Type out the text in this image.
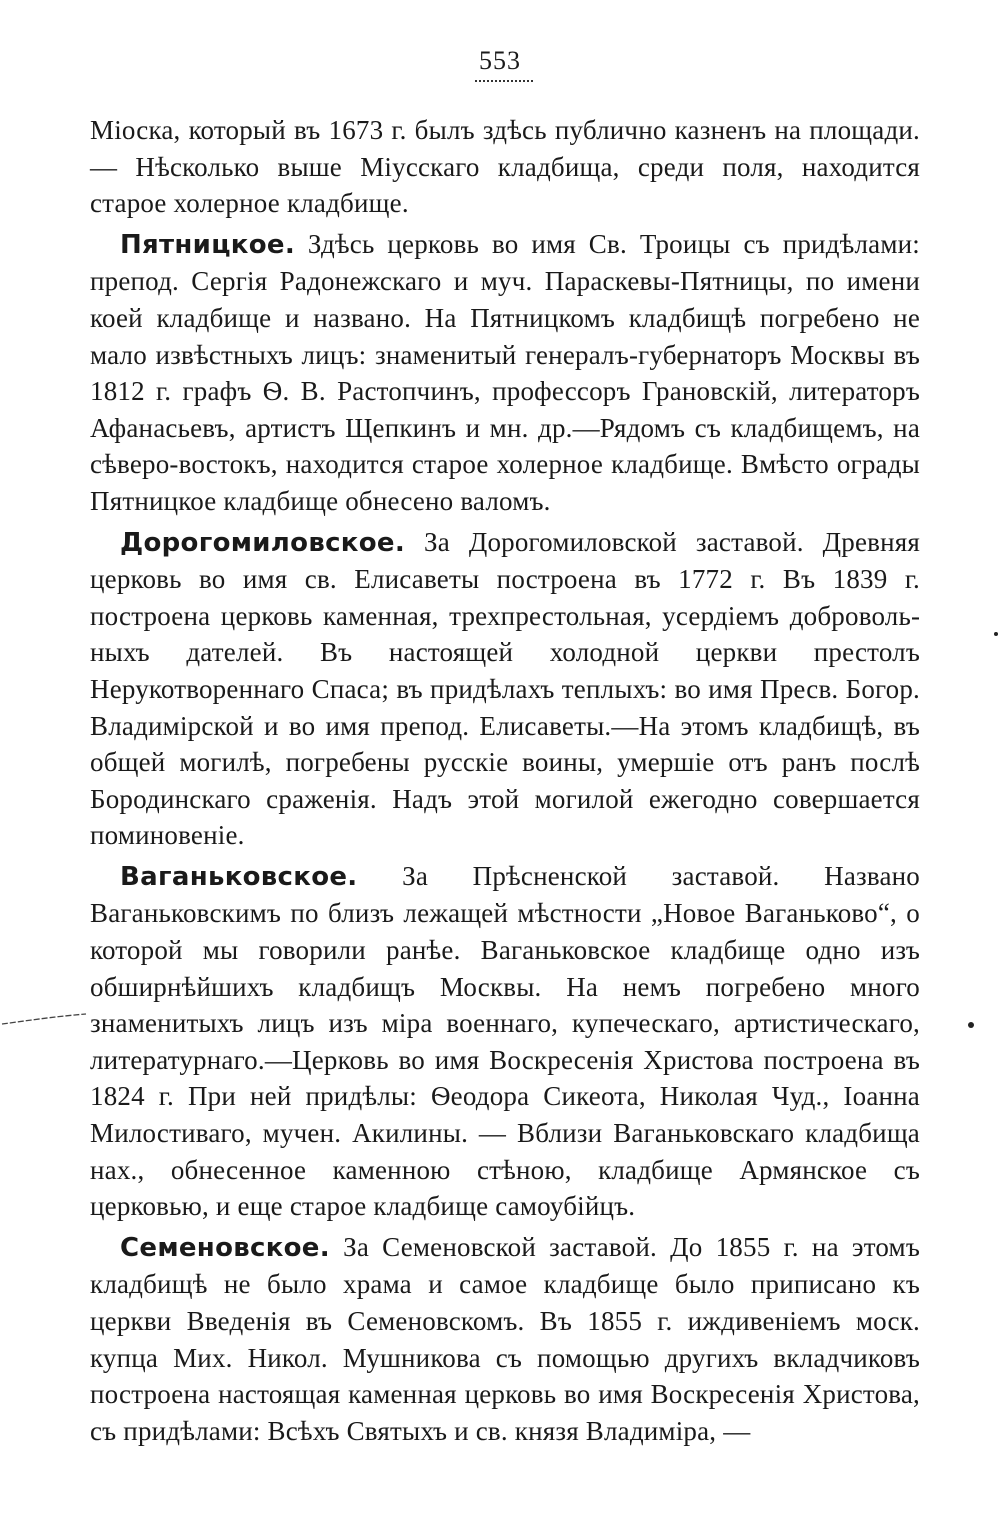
553

Міоска, который въ 1673 г. былъ здѣсь публично казненъ на площади. — Нѣсколько выше Міусскаго кладбища, среди поля, находится старое холерное кладбище.

Пятницкое. Здѣсь церковь во имя Св. Троицы съ придѣлами: препод. Сергія Радонежскаго и муч. Параскевы-Пятницы, по имени коей кладбище и названо. На Пятницкомъ кладбищѣ погребено не мало извѣстныхъ лицъ: знаменитый генералъ-губернаторъ Москвы въ 1812 г. графъ Ѳ. В. Растопчинъ, профессоръ Грановскій, литераторъ Афанасьевъ, артистъ Щепкинъ и мн. др.—Рядомъ съ кладбищемъ, на сѣверо-востокъ, находится старое холерное кладбище. Вмѣсто ограды Пятницкое кладбище обнесено валомъ.

Дорогомиловское. За Дорогомиловской заставой. Древняя церковь во имя св. Елисаветы построена въ 1772 г. Въ 1839 г. построена церковь каменная, трехпрестольная, усердіемъ добровольныхъ дателей. Въ настоящей холодной церкви престолъ Нерукотвореннаго Спаса; въ придѣлахъ теплыхъ: во имя Пресв. Богор. Владимірской и во имя препод. Елисаветы.—На этомъ кладбищѣ, въ общей могилѣ, погребены русскіе воины, умершіе отъ ранъ послѣ Бородинскаго сраженія. Надъ этой могилой ежегодно совершается поминовеніе.

Ваганьковское. За Прѣсненской заставой. Названо Ваганьковскимъ по близъ лежащей мѣстности „Новое Ваганьково“, о которой мы говорили ранѣе. Ваганьковское кладбище одно изъ обширнѣйшихъ кладбищъ Москвы. На немъ погребено много знаменитыхъ лицъ изъ міра военнаго, купеческаго, артистическаго, литературнаго.—Церковь во имя Воскресенія Христова построена въ 1824 г. При ней придѣлы: Ѳеодора Сикеота, Николая Чуд., Іоанна Милостиваго, мучен. Акилины. — Вблизи Ваганьковскаго кладбища нах., обнесенное каменною стѣною, кладбище Армянское съ церковью, и еще старое кладбище самоубійцъ.

Семеновское. За Семеновской заставой. До 1855 г. на этомъ кладбищѣ не было храма и самое кладбище было приписано къ церкви Введенія въ Семеновскомъ. Въ 1855 г. иждивеніемъ моск. купца Мих. Никол. Мушникова съ помощью другихъ вкладчиковъ построена настоящая каменная церковь во имя Воскресенія Христова, съ придѣлами: Всѣхъ Святыхъ и св. князя Владиміра, —
